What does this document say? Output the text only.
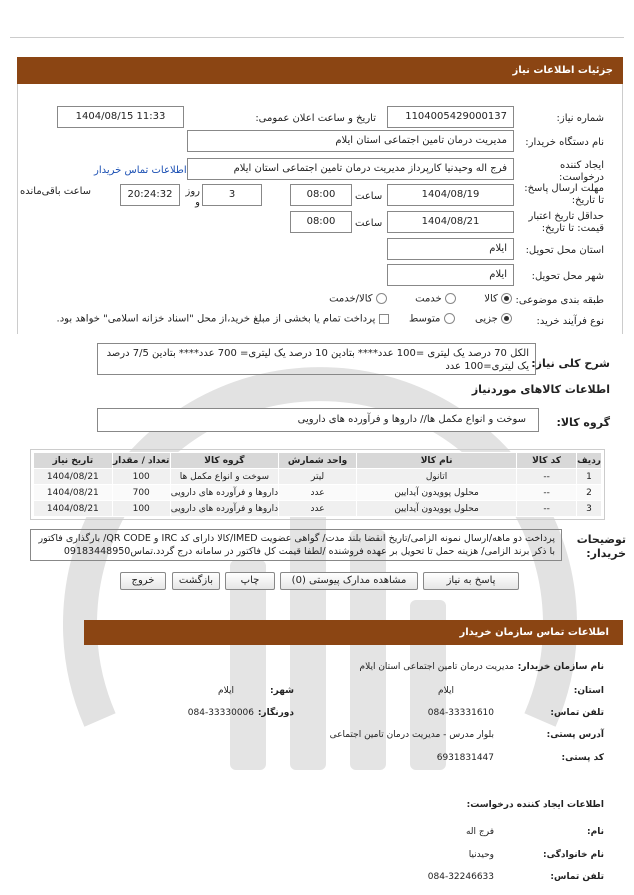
جزئیات اطلاعات نیاز
شماره نیاز:
1104005429000137
تاریخ و ساعت اعلان عمومی:
1404/08/15 11:33
نام دستگاه خریدار:
مدیریت درمان تامین اجتماعی استان ایلام
ایجاد کننده درخواست:
فرج اله وحیدنیا کارپرداز مدیریت درمان تامین اجتماعی استان ایلام
اطلاعات تماس خریدار
مهلت ارسال پاسخ: تا تاریخ:
1404/08/19
ساعت
08:00
3
روز و
20:24:32
ساعت باقی‌مانده
حداقل تاریخ اعتبار قیمت: تا تاریخ:
1404/08/21
ساعت
08:00
استان محل تحویل:
ایلام
شهر محل تحویل:
ایلام
طبقه بندی موضوعی:
کالا   خدمت   کالا/خدمت
نوع فرآیند خرید:
جزیی   متوسط   پرداخت تمام یا بخشی از مبلغ خرید،از محل "اسناد خزانه اسلامی" خواهد بود.
شرح کلی نیاز:
الکل 70 درصد یک لیتری =100 عدد**** بتادین 10 درصد یک لیتری= 700 عدد**** بتادین 7/5 درصد یک لیتری=100 عدد
اطلاعات کالاهای موردنیاز
گروه کالا:
سوخت و انواع مکمل ها// داروها و فرآورده های دارویی
ردیف	کد کالا	نام کالا	واحد شمارش	گروه کالا	تعداد / مقدار	تاریخ نیاز
1	--	اتانول	لیتر	سوخت و انواع مکمل ها	100	1404/08/21
2	--	محلول پوویدون آیدایین	عدد	داروها و فرآورده های دارویی	700	1404/08/21
3	--	محلول پوویدون آیدایین	عدد	داروها و فرآورده های دارویی	100	1404/08/21
توضیحات خریدار:
پرداخت دو ماهه/ارسال نمونه الزامی/تاریخ انقضا بلند مدت/ گواهی عضویت IMED/کالا دارای کد IRC و QR CODE/ بارگذاری فاکتور با ذکر برند الزامی/ هزینه حمل تا تحویل بر عهده فروشنده /لطفا قیمت کل فاکتور در سامانه درج گردد.تماس09183448950
پاسخ به نیاز
مشاهده مدارک پیوستی (0)
چاپ
بازگشت
خروج
اطلاعات تماس سازمان خریدار
نام سازمان خریدار:
مدیریت درمان تامین اجتماعی استان ایلام
استان:
ایلام
شهر:
ایلام
تلفن تماس:
084-33331610
دورنگار:
084-33330006
آدرس پستی:
بلوار مدرس - مدیریت درمان تامین اجتماعی
کد پستی:
6931831447
اطلاعات ایجاد کننده درخواست:
نام:
فرج اله
نام خانوادگی:
وحیدنیا
تلفن تماس:
084-32246633
